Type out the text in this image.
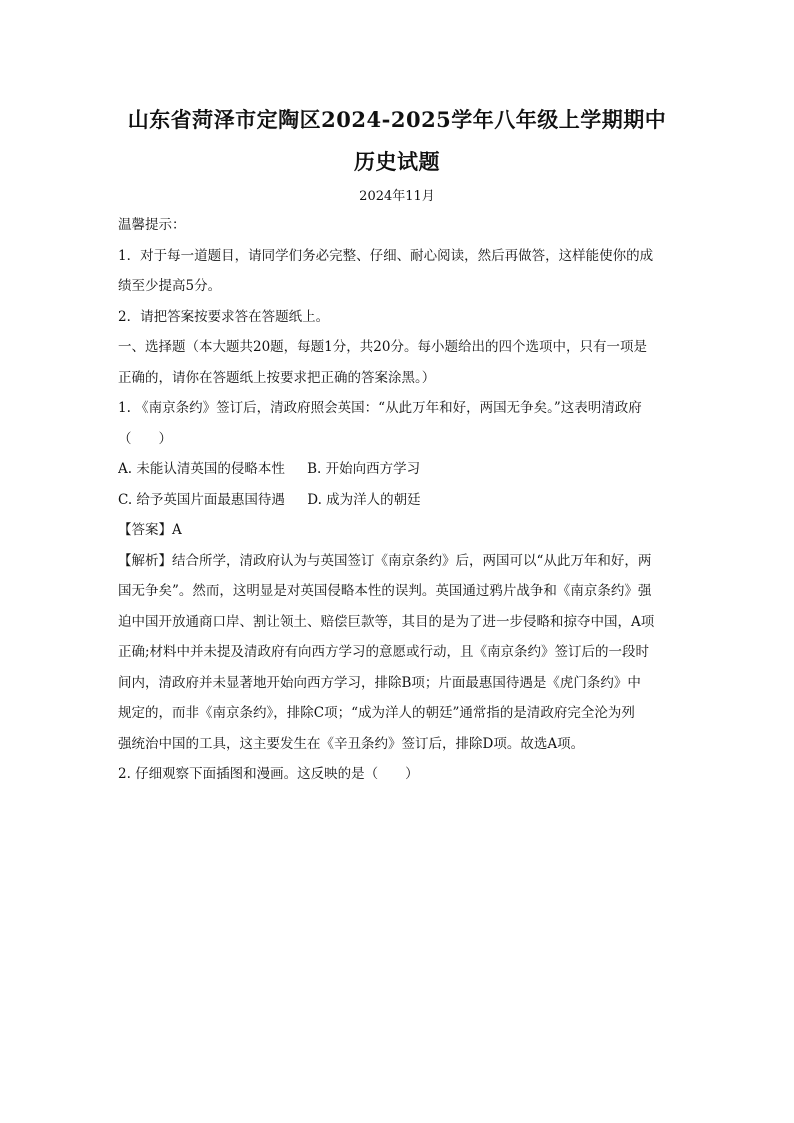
山东省菏泽市定陶区2024-2025学年八年级上学期期中
历史试题
2024年11月
温馨提示：
1．对于每一道题目，请同学们务必完整、仔细、耐心阅读，然后再做答，这样能使你的成
绩至少提高5分。
2．请把答案按要求答在答题纸上。
一、选择题（本大题共20题，每题1分，共20分。每小题给出的四个选项中，只有一项是
正确的，请你在答题纸上按要求把正确的答案涂黑。）
1. 《南京条约》签订后，清政府照会英国：“从此万年和好，两国无争矣。”这表明清政府
（　　）
A. 未能认清英国的侵略本性 B. 开始向西方学习
C. 给予英国片面最惠国待遇 D. 成为洋人的朝廷
【答案】A
【解析】结合所学，清政府认为与英国签订《南京条约》后，两国可以“从此万年和好，两
国无争矣”。然而，这明显是对英国侵略本性的误判。英国通过鸦片战争和《南京条约》强
迫中国开放通商口岸、割让领土、赔偿巨款等，其目的是为了进一步侵略和掠夺中国，A项
正确;材料中并未提及清政府有向西方学习的意愿或行动，且《南京条约》签订后的一段时
间内，清政府并未显著地开始向西方学习，排除B项；片面最惠国待遇是《虎门条约》中
规定的，而非《南京条约》，排除C项；“成为洋人的朝廷”通常指的是清政府完全沦为列
强统治中国的工具，这主要发生在《辛丑条约》签订后，排除D项。故选A项。
2. 仔细观察下面插图和漫画。这反映的是（　　）
